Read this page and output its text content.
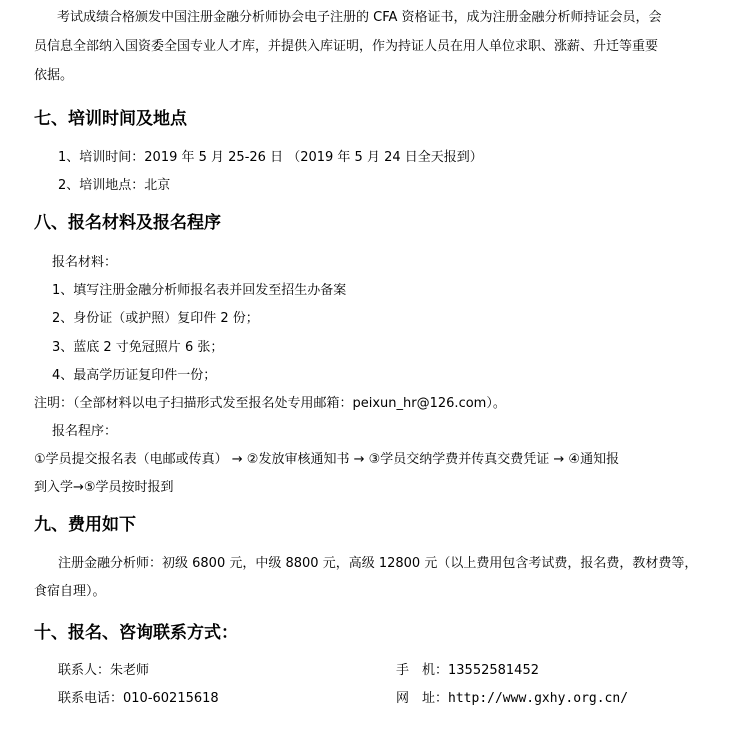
考试成绩合格颁发中国注册金融分析师协会电子注册的 CFA 资格证书，成为注册金融分析师持证会员，会
员信息全部纳入国资委全国专业人才库，并提供入库证明，作为持证人员在用人单位求职、涨薪、升迁等重要
依据。
七、培训时间及地点
1、培训时间：2019 年 5 月 25-26 日 （2019 年 5 月 24 日全天报到）
2、培训地点：北京
八、报名材料及报名程序
报名材料：
1、填写注册金融分析师报名表并回发至招生办备案
2、身份证（或护照）复印件 2 份；
3、蓝底 2 寸免冠照片 6 张；
4、最高学历证复印件一份；
注明：（全部材料以电子扫描形式发至报名处专用邮箱：peixun_hr@126.com）。
报名程序：
①学员提交报名表（电邮或传真） → ②发放审核通知书 → ③学员交纳学费并传真交费凭证 → ④通知报
到入学→⑤学员按时报到
九、费用如下
注册金融分析师：初级 6800 元，中级 8800 元，高级 12800 元（以上费用包含考试费，报名费，教材费等，
食宿自理）。
十、报名、咨询联系方式：
联系人：朱老师	手　机：13552581452
联系电话：010-60215618	网　址：http://www.gxhy.org.cn/
